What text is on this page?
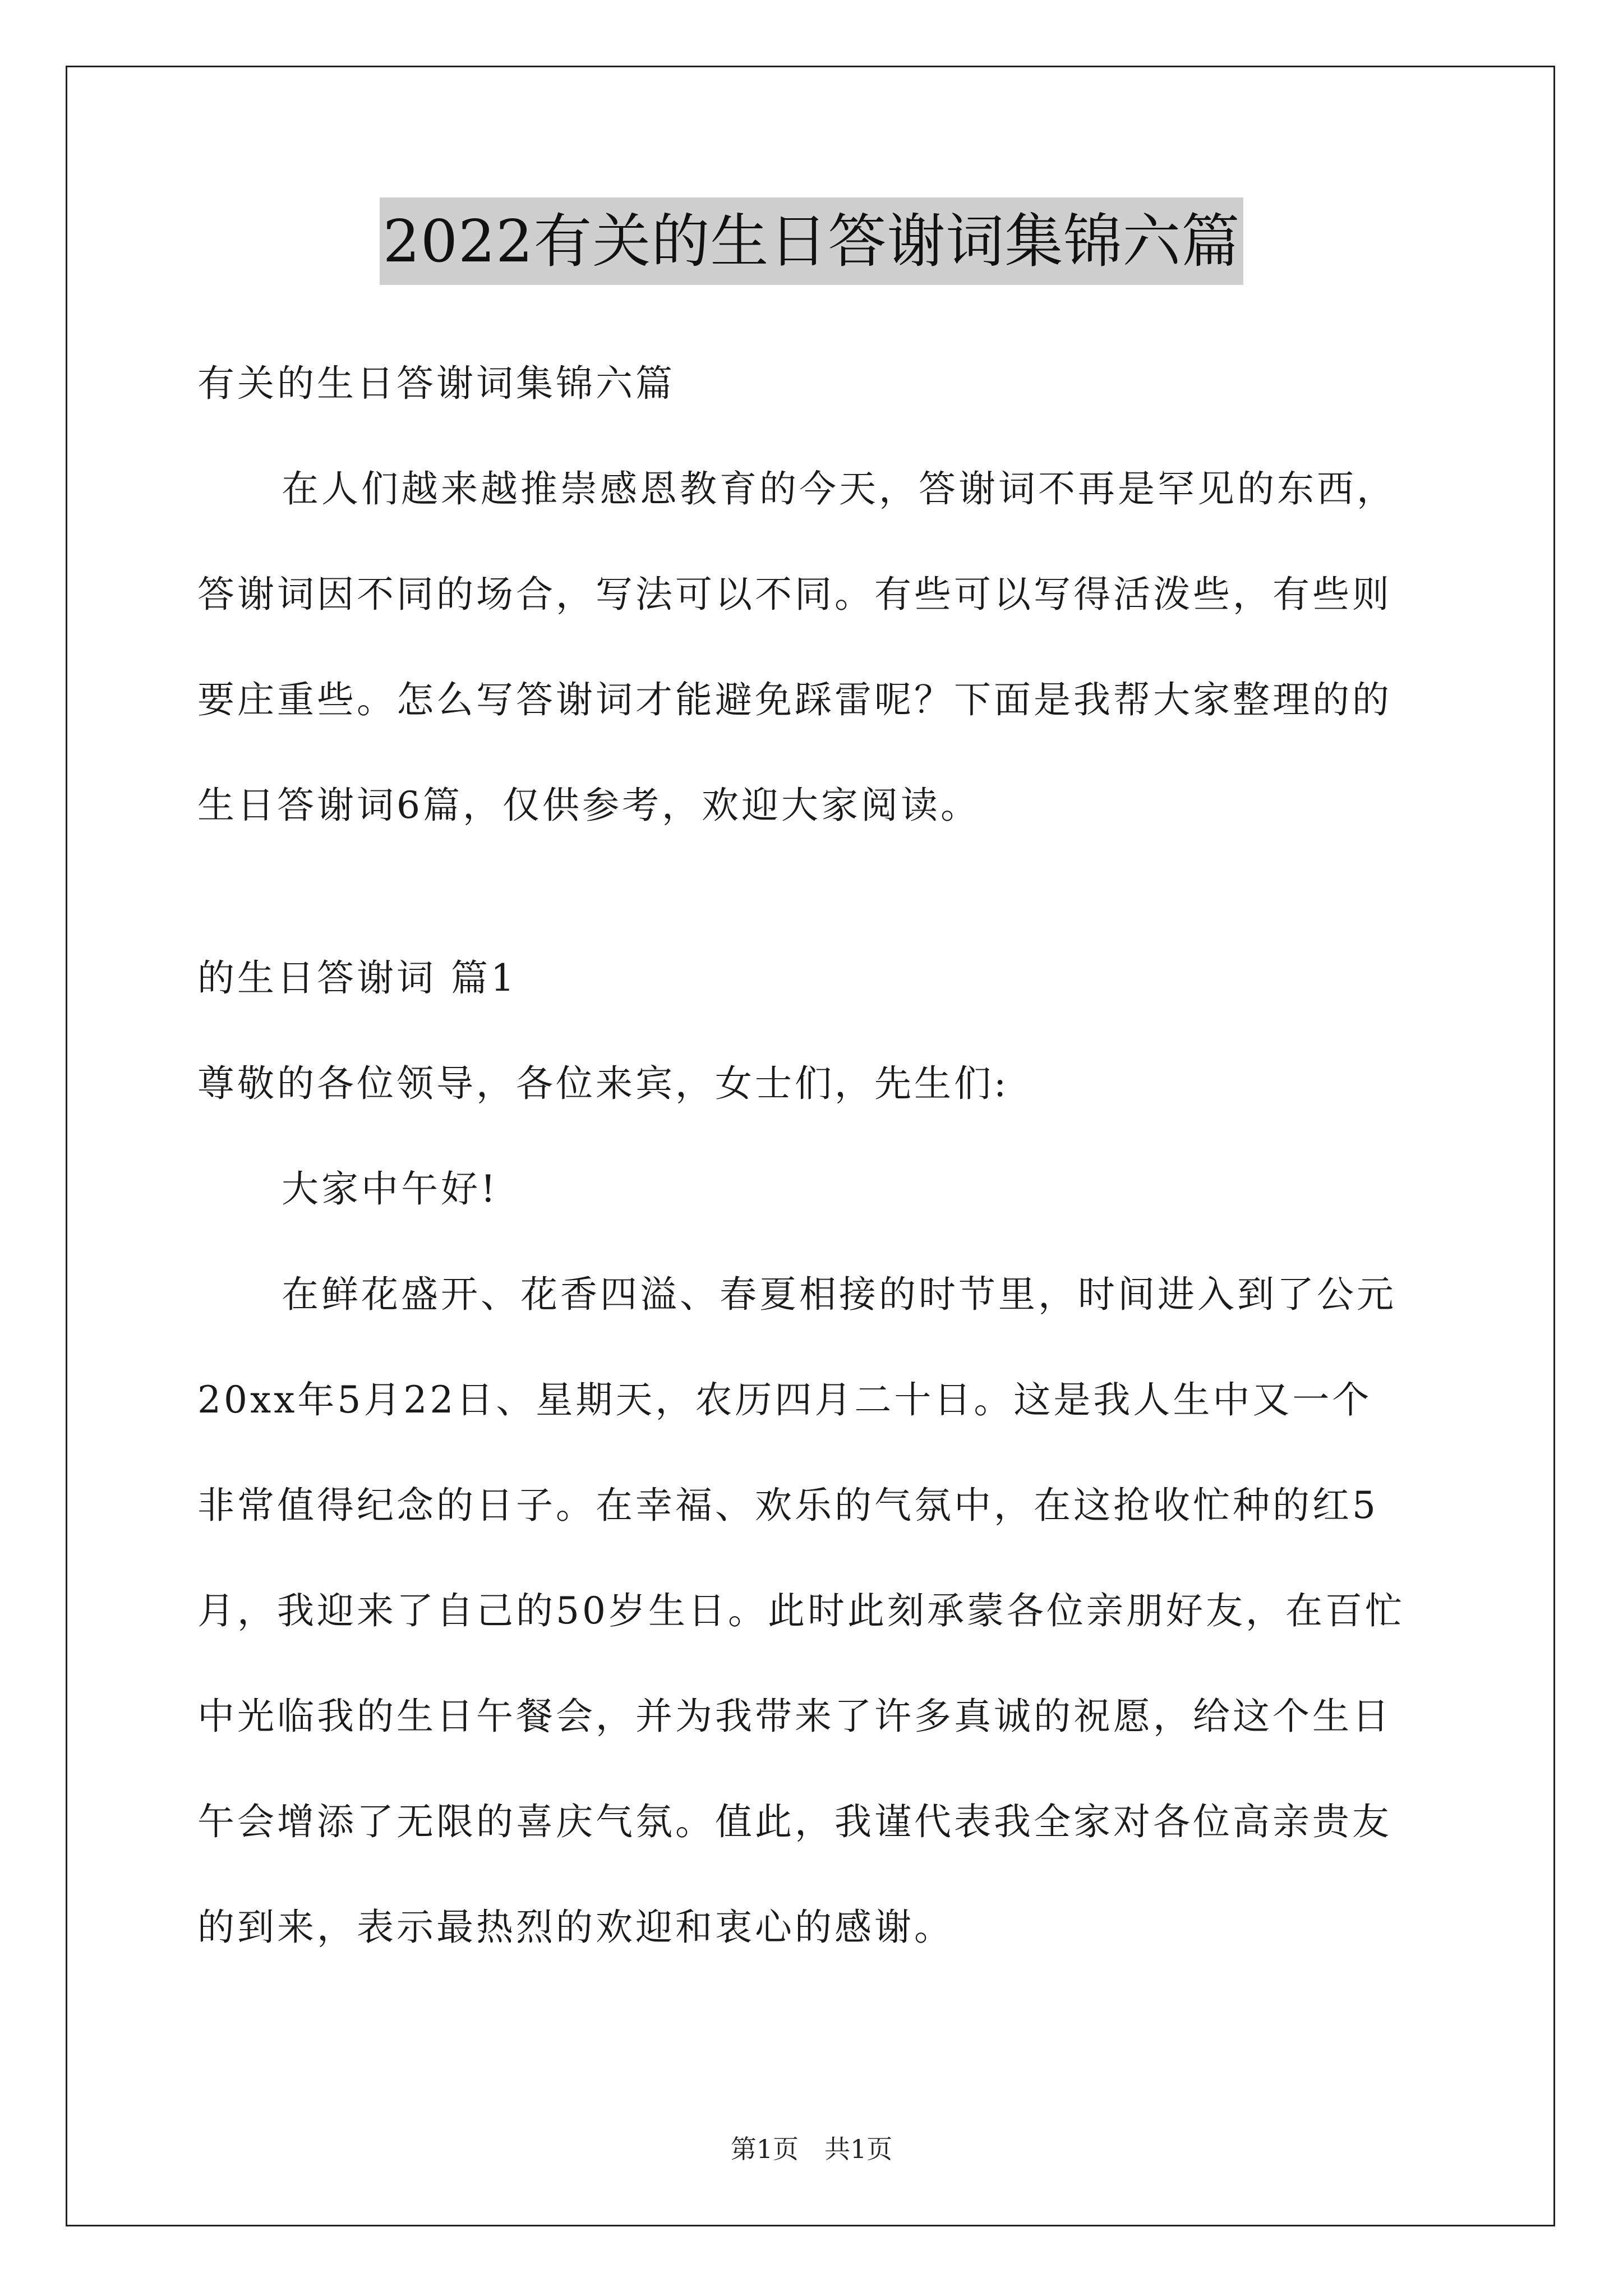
2022有关的生日答谢词集锦六篇
有关的生日答谢词集锦六篇
在人们越来越推崇感恩教育的今天，答谢词不再是罕见的东西，
答谢词因不同的场合，写法可以不同。有些可以写得活泼些，有些则
要庄重些。怎么写答谢词才能避免踩雷呢？下面是我帮大家整理的的
生日答谢词6篇，仅供参考，欢迎大家阅读。
的生日答谢词 篇1
尊敬的各位领导，各位来宾，女士们，先生们:
大家中午好!
在鲜花盛开、花香四溢、春夏相接的时节里，时间进入到了公元
20xx年5月22日、星期天，农历四月二十日。这是我人生中又一个
非常值得纪念的日子。在幸福、欢乐的气氛中，在这抢收忙种的红5
月，我迎来了自己的50岁生日。此时此刻承蒙各位亲朋好友，在百忙
中光临我的生日午餐会，并为我带来了许多真诚的祝愿，给这个生日
午会增添了无限的喜庆气氛。值此，我谨代表我全家对各位高亲贵友
的到来，表示最热烈的欢迎和衷心的感谢。
第1页　共1页
